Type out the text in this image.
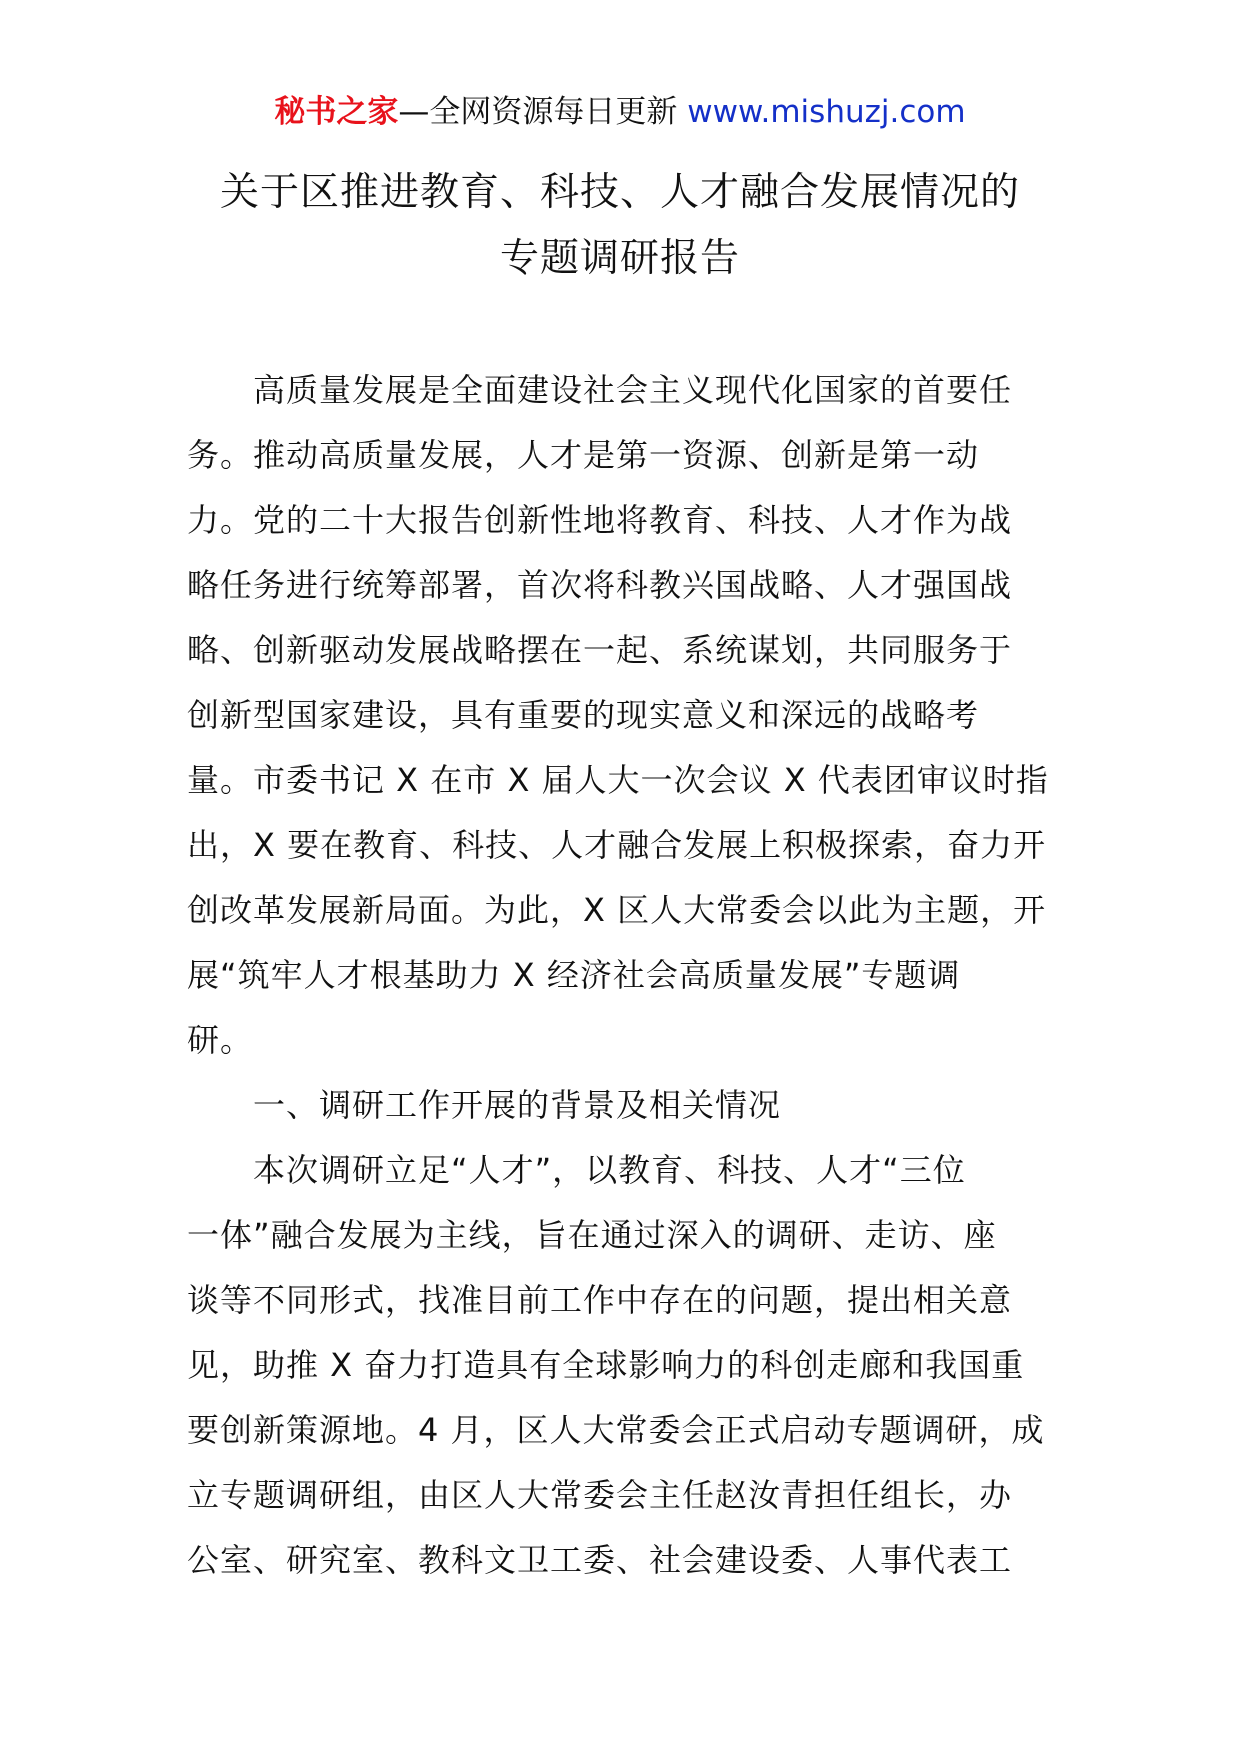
秘书之家—全网资源每日更新 www.mishuzj.com
关于区推进教育、科技、人才融合发展情况的
专题调研报告
高质量发展是全面建设社会主义现代化国家的首要任
务。推动高质量发展，人才是第一资源、创新是第一动
力。党的二十大报告创新性地将教育、科技、人才作为战
略任务进行统筹部署，首次将科教兴国战略、人才强国战
略、创新驱动发展战略摆在一起、系统谋划，共同服务于
创新型国家建设，具有重要的现实意义和深远的战略考
量。市委书记 X 在市 X 届人大一次会议 X 代表团审议时指
出，X 要在教育、科技、人才融合发展上积极探索，奋力开
创改革发展新局面。为此，X 区人大常委会以此为主题，开
展“筑牢人才根基助力 X 经济社会高质量发展”专题调
研。
一、调研工作开展的背景及相关情况
本次调研立足“人才”，以教育、科技、人才“三位
一体”融合发展为主线，旨在通过深入的调研、走访、座
谈等不同形式，找准目前工作中存在的问题，提出相关意
见，助推 X 奋力打造具有全球影响力的科创走廊和我国重
要创新策源地。4 月，区人大常委会正式启动专题调研，成
立专题调研组，由区人大常委会主任赵汝青担任组长，办
公室、研究室、教科文卫工委、社会建设委、人事代表工
